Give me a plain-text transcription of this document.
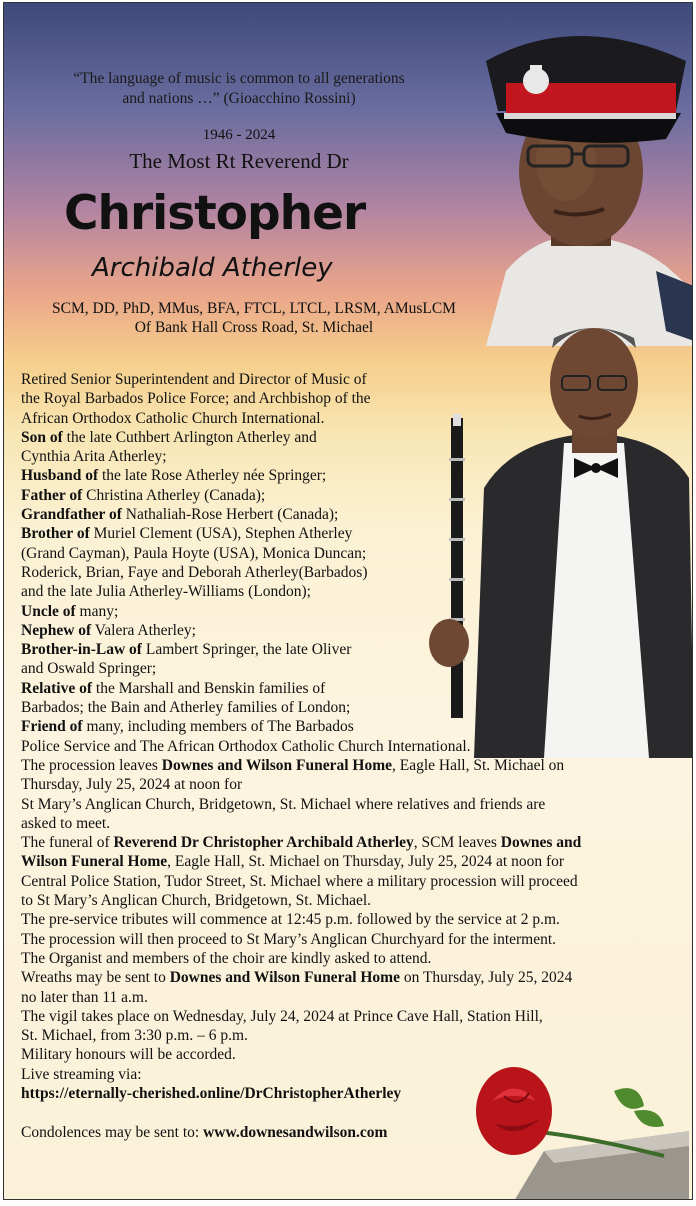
“The language of music is common to all generations
and nations …” (Gioacchino Rossini)
1946 - 2024
The Most Rt Reverend Dr
Christopher
Archibald Atherley
SCM, DD, PhD, MMus, BFA, FTCL, LTCL, LRSM, AMusLCM
Of Bank Hall Cross Road, St. Michael

Retired Senior Superintendent and Director of Music of

the Royal Barbados Police Force; and Archbishop of the

African Orthodox Catholic Church International.

Son of the late Cuthbert Arlington Atherley and

Cynthia Arita Atherley;

Husband of the late Rose Atherley née Springer;

Father of Christina Atherley (Canada);

Grandfather of Nathaliah-Rose Herbert (Canada);

Brother of Muriel Clement (USA), Stephen Atherley

(Grand Cayman), Paula Hoyte (USA), Monica Duncan;

Roderick, Brian, Faye and Deborah Atherley(Barbados)

and the late Julia Atherley-Williams (London);

Uncle of many;

Nephew of Valera Atherley;

Brother-in-Law of Lambert Springer, the late Oliver

and Oswald Springer;

Relative of the Marshall and Benskin families of

Barbados; the Bain and Atherley families of London;

Friend of many, including members of The Barbados

Police Service and The African Orthodox Catholic Church International.

The procession leaves Downes and Wilson Funeral Home, Eagle Hall, St. Michael on

Thursday, July 25, 2024 at noon for

St Mary’s Anglican Church, Bridgetown, St. Michael where relatives and friends are

asked to meet.

The funeral of Reverend Dr Christopher Archibald Atherley, SCM leaves Downes and

Wilson Funeral Home, Eagle Hall, St. Michael on Thursday, July 25, 2024 at noon for

Central Police Station, Tudor Street, St. Michael where a military procession will proceed

to St Mary’s Anglican Church, Bridgetown, St. Michael.

The pre-service tributes will commence at 12:45 p.m. followed by the service at 2 p.m.

The procession will then proceed to St Mary’s Anglican Churchyard for the interment.

The Organist and members of the choir are kindly asked to attend.

Wreaths may be sent to Downes and Wilson Funeral Home on Thursday, July 25, 2024

no later than 11 a.m.

The vigil takes place on Wednesday, July 24, 2024 at Prince Cave Hall, Station Hill,

St. Michael, from 3:30 p.m. – 6 p.m.

Military honours will be accorded.

Live streaming via:

https://eternally-cherished.online/DrChristopherAtherley

Condolences may be sent to: www.downesandwilson.com
